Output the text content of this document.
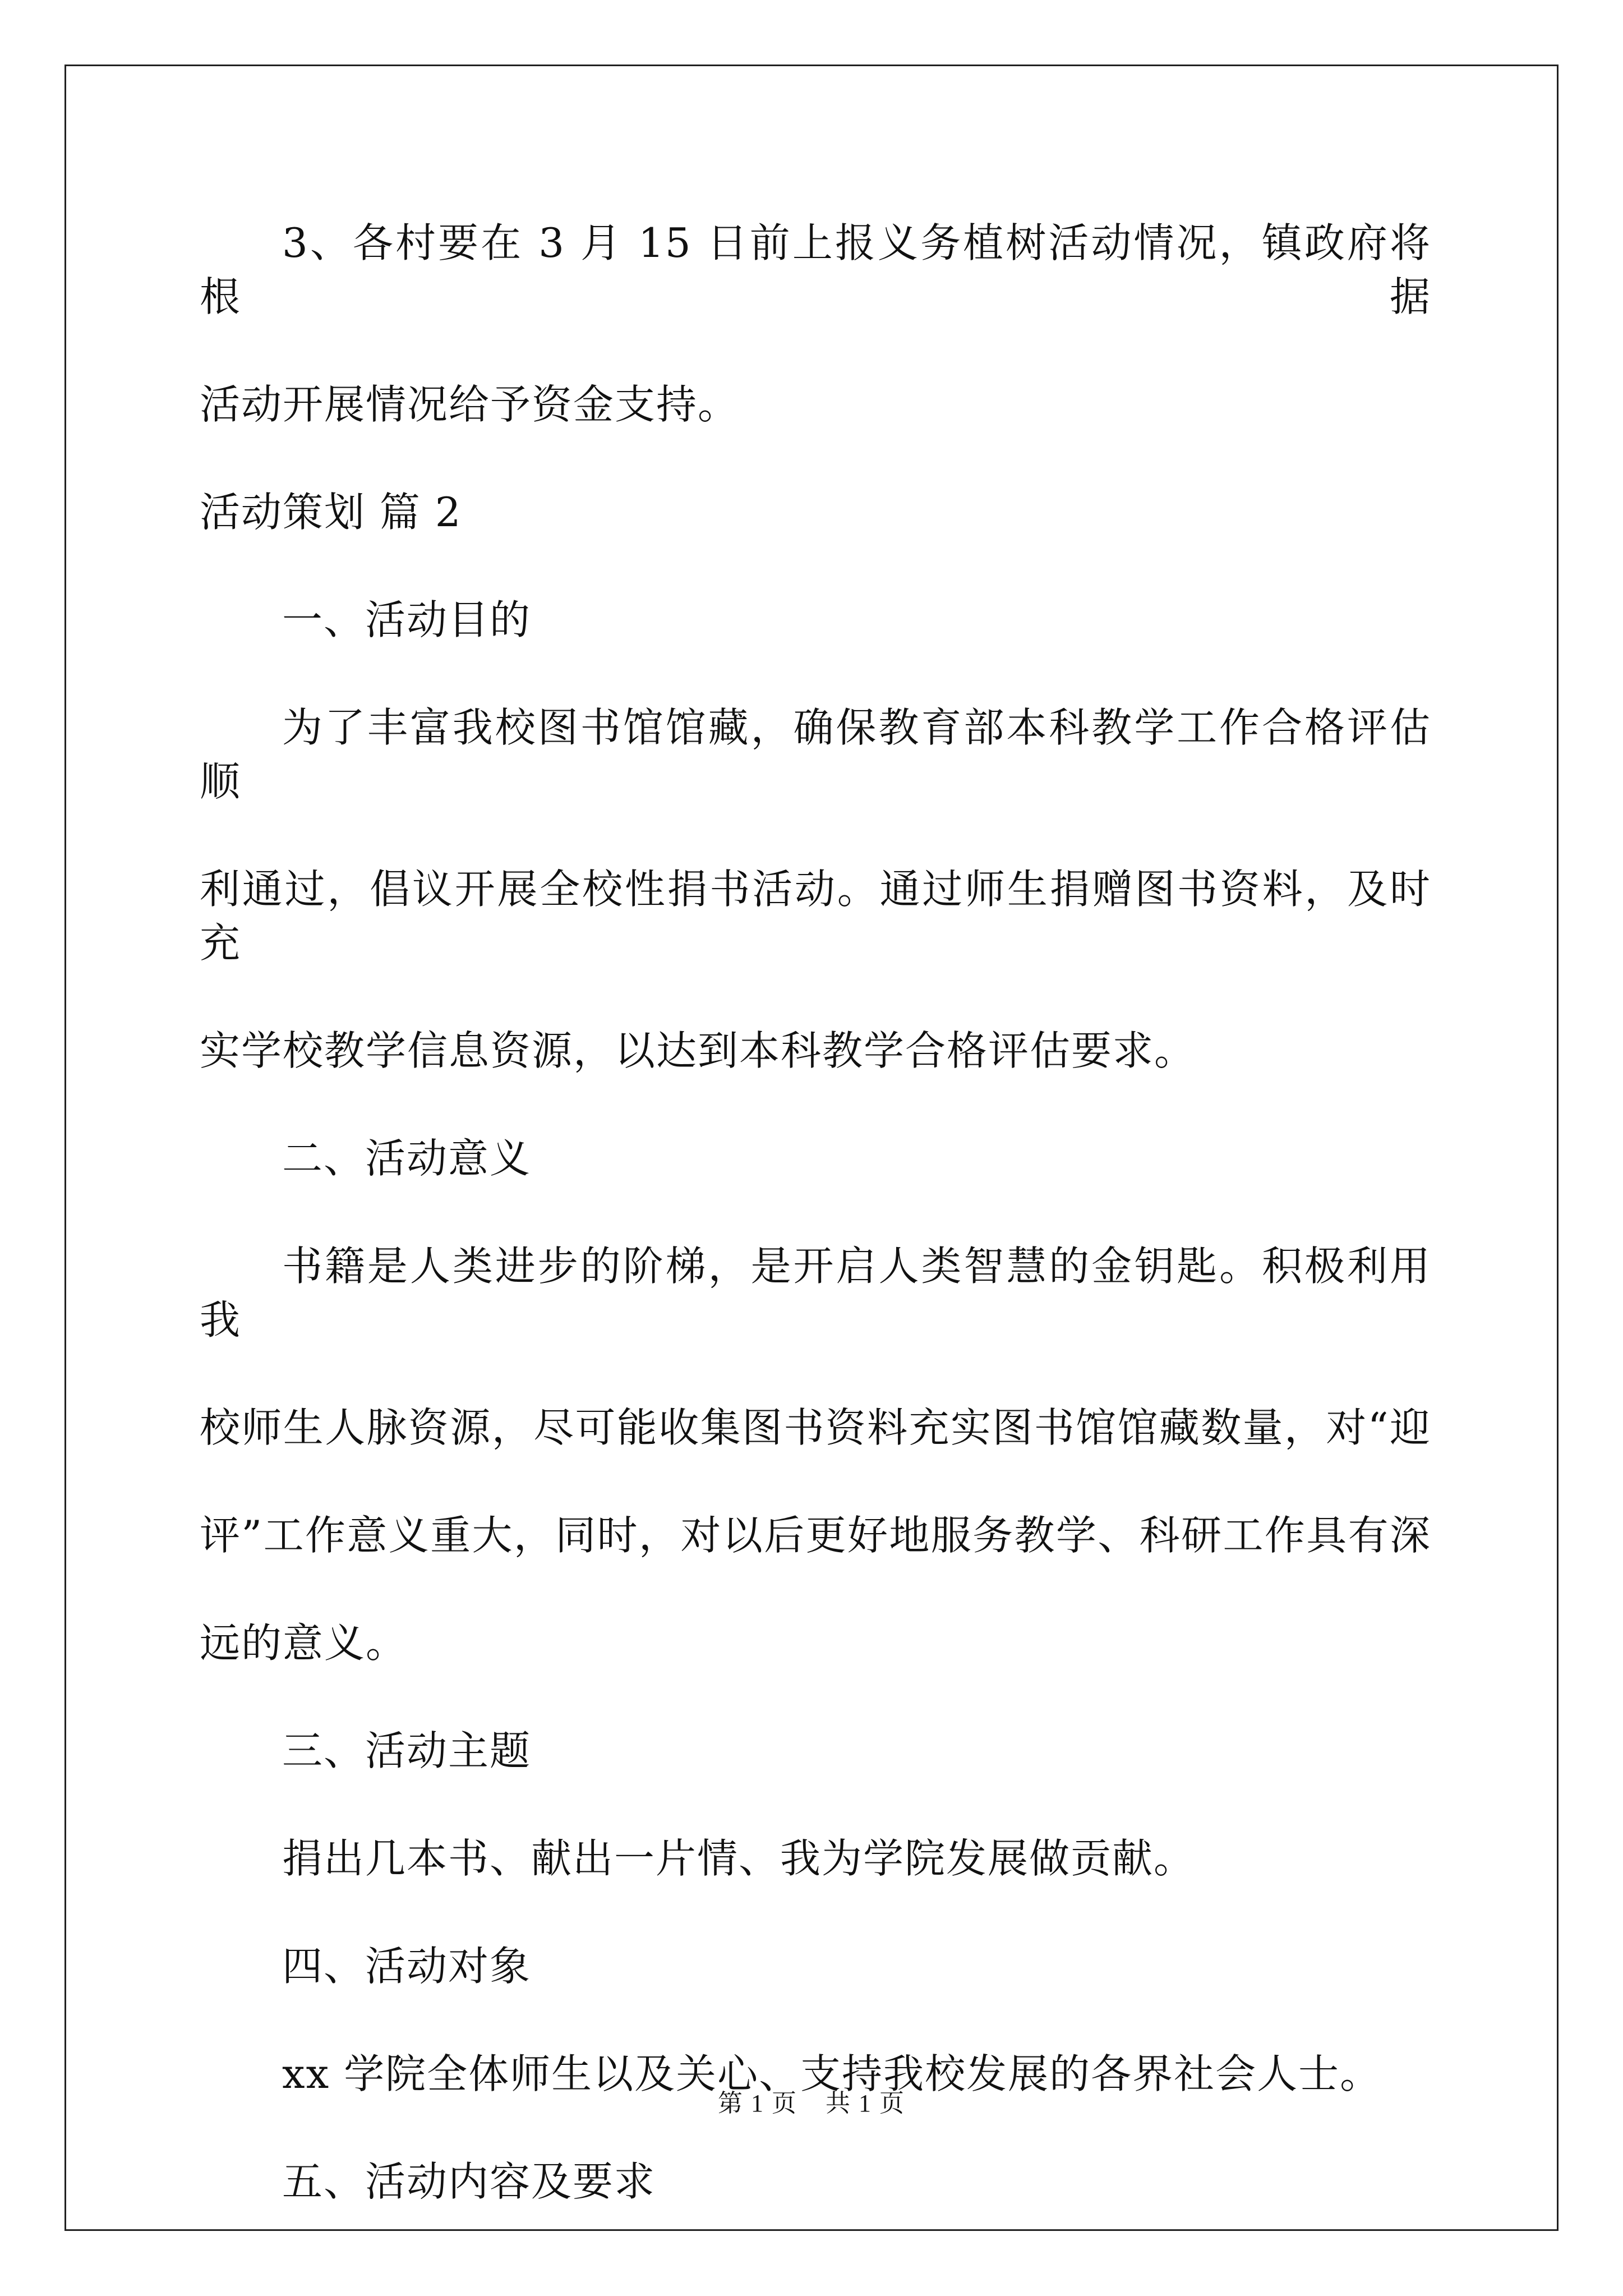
3、各村要在 3 月 15 日前上报义务植树活动情况，镇政府将根据

活动开展情况给予资金支持。

活动策划 篇 2

一、活动目的

为了丰富我校图书馆馆藏，确保教育部本科教学工作合格评估顺

利通过，倡议开展全校性捐书活动。通过师生捐赠图书资料，及时充

实学校教学信息资源，以达到本科教学合格评估要求。

二、活动意义

书籍是人类进步的阶梯，是开启人类智慧的金钥匙。积极利用我

校师生人脉资源，尽可能收集图书资料充实图书馆馆藏数量，对“迎

评”工作意义重大，同时，对以后更好地服务教学、科研工作具有深

远的意义。

三、活动主题

捐出几本书、献出一片情、我为学院发展做贡献。

四、活动对象

xx 学院全体师生以及关心、支持我校发展的各界社会人士。

五、活动内容及要求

第 1 页 共 1 页
